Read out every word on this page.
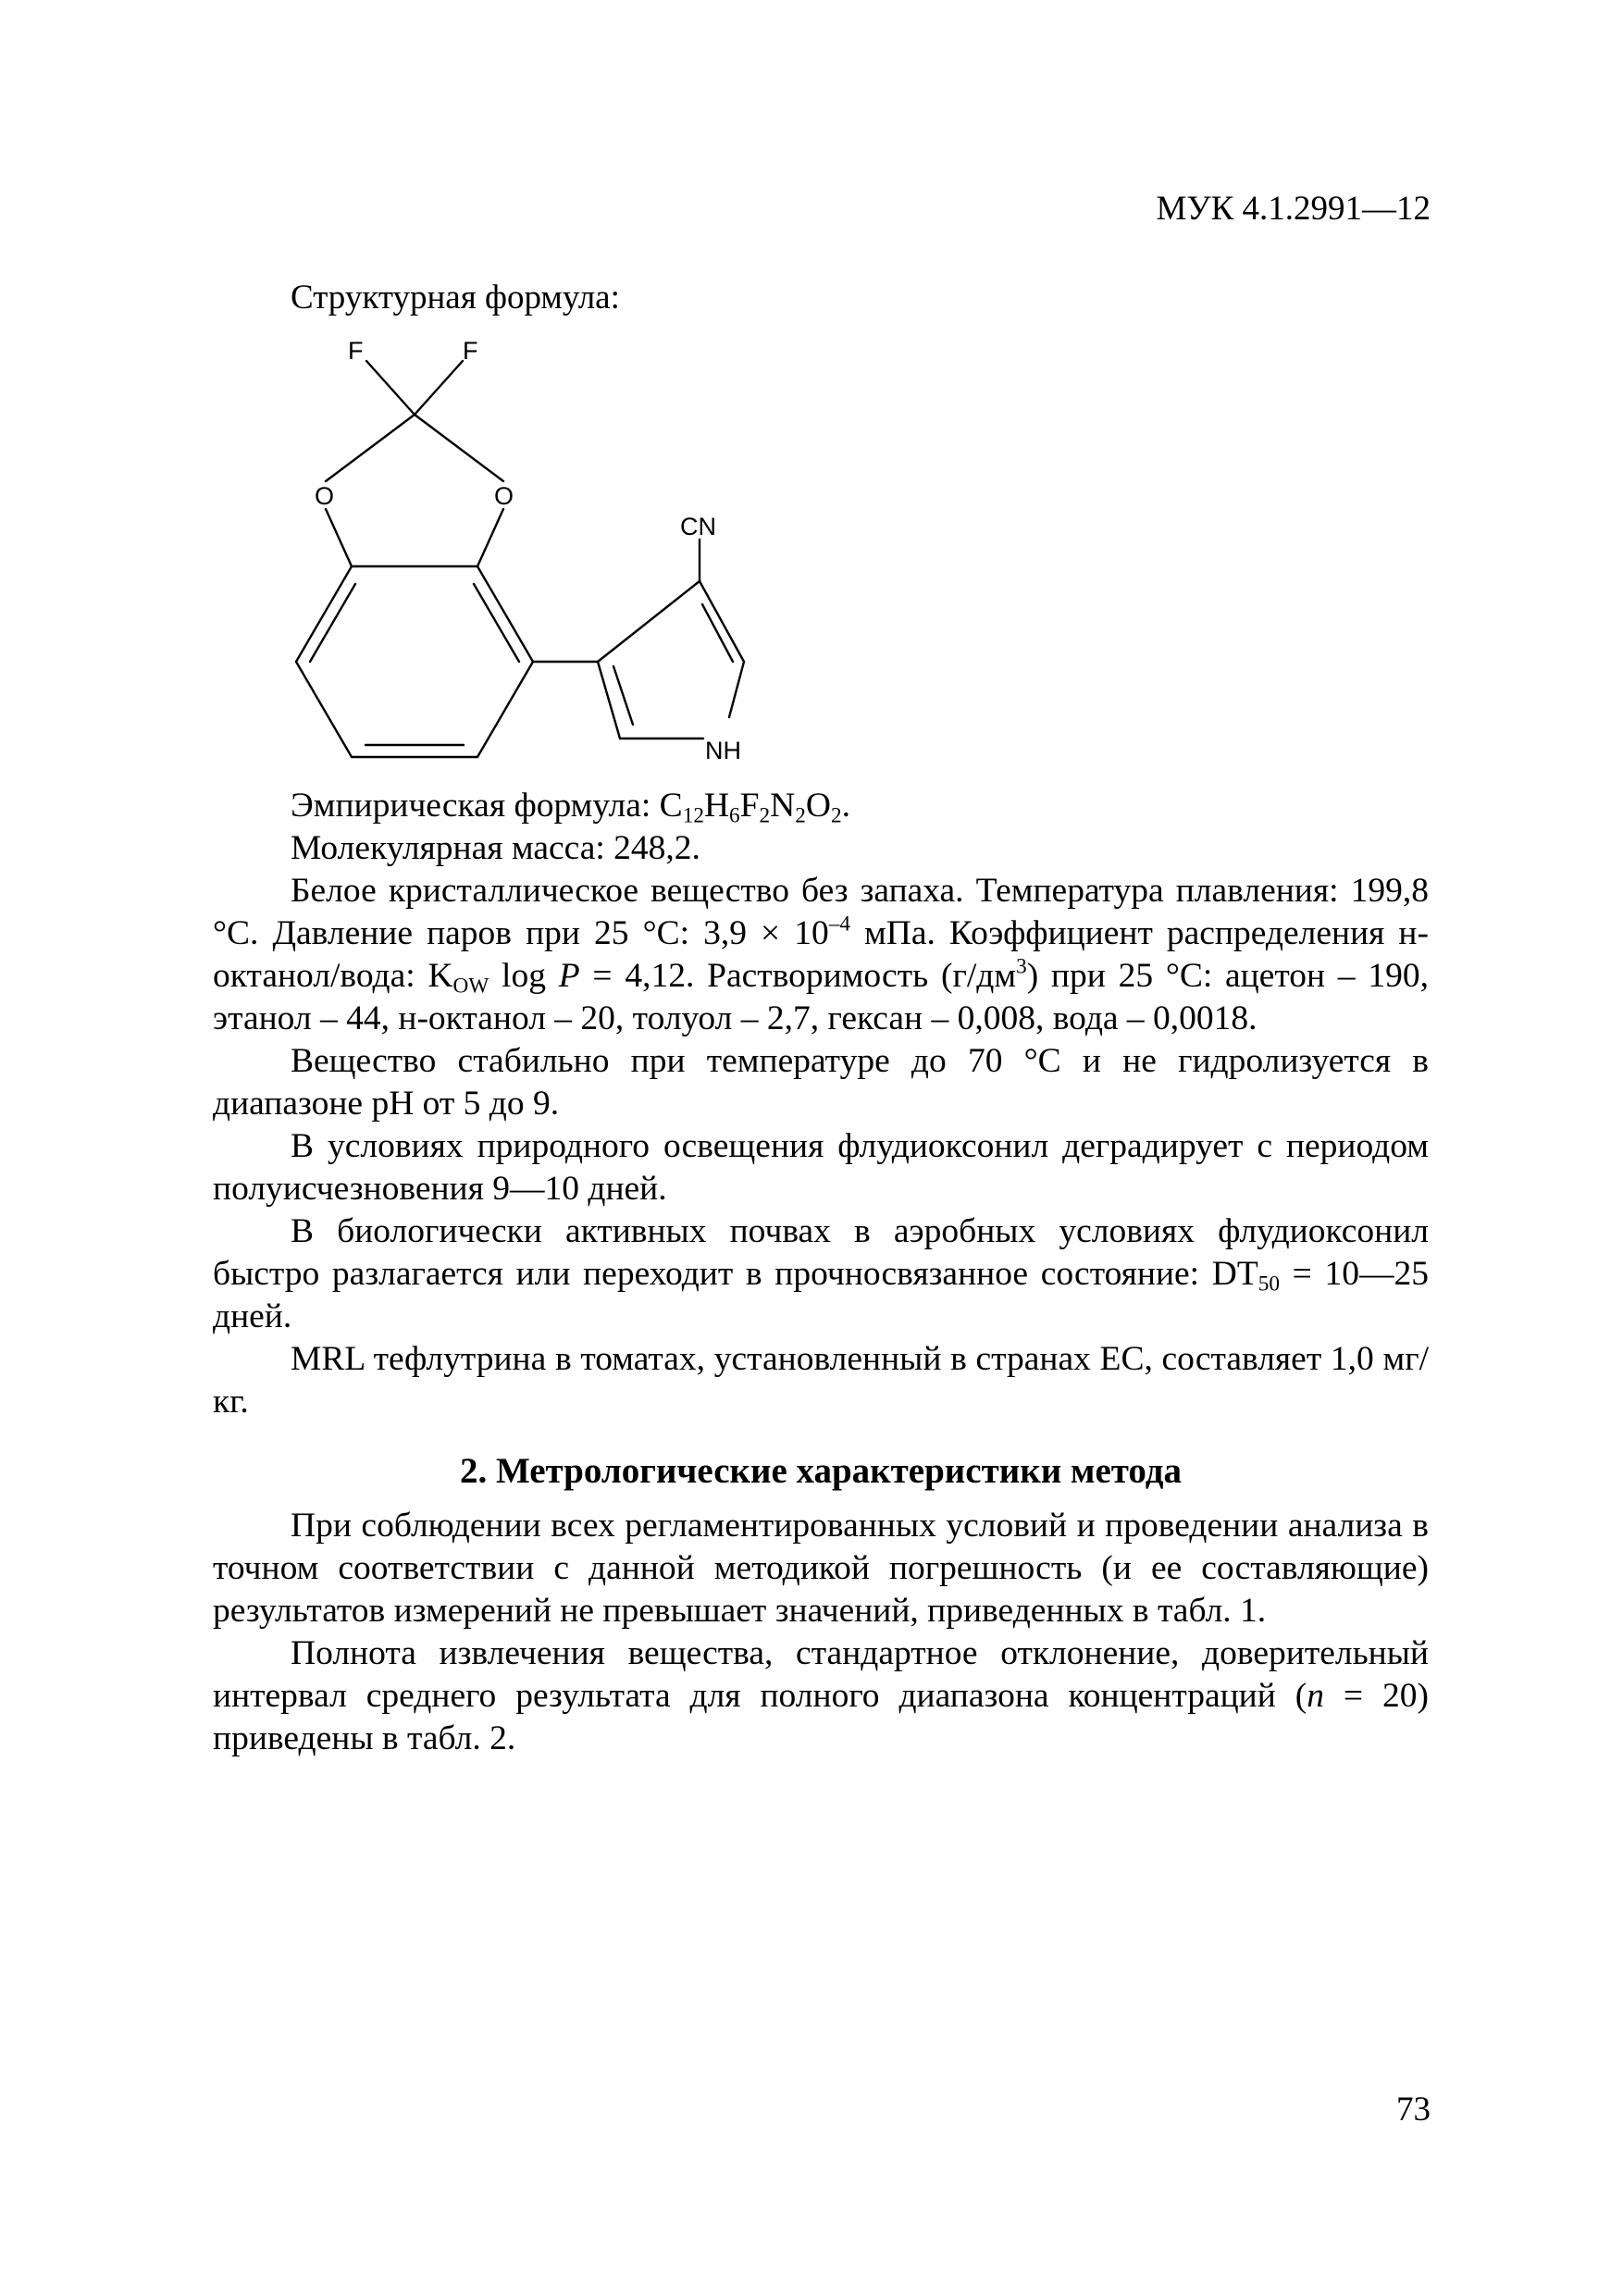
МУК 4.1.2991—12
Структурная формула:
F	F
O	O
CN
NH

Эмпирическая формула: $C_{12}H_6F_2N_2O_2$.

Молекулярная масса: 248,2.

Белое кристаллическое вещество без запаха. Температура плавления: 199,8 °C. Давление паров при 25 °C: $3,9 \times 10^{-4}$ мПа. Коэффициент распределения н-октанол/вода: $K_{OW}$ log P = 4,12. Растворимость $(г/дм^3)$ при 25 °C: ацетон – 190, этанол – 44, н-октанол – 20, толуол – 2,7, гексан – 0,008, вода – 0,0018.

Вещество стабильно при температуре до 70 °C и не гидролизуется в диапазоне pH от 5 до 9.

В условиях природного освещения флудиоксонил деградирует с периодом полуисчезновения 9—10 дней.

В биологически активных почвах в аэробных условиях флудиоксонил быстро разлагается или переходит в прочносвязанное состояние: $DT_{50}$ = 10—25 дней.

MRL тефлутрина в томатах, установленный в странах ЕС, составляет 1,0 мг/кг.

2. Метрологические характеристики метода

При соблюдении всех регламентированных условий и проведении анализа в точном соответствии с данной методикой погрешность (и ее составляющие) результатов измерений не превышает значений, приведенных в табл. 1.

Полнота извлечения вещества, стандартное отклонение, доверительный интервал среднего результата для полного диапазона концентраций (n = 20) приведены в табл. 2.

73
